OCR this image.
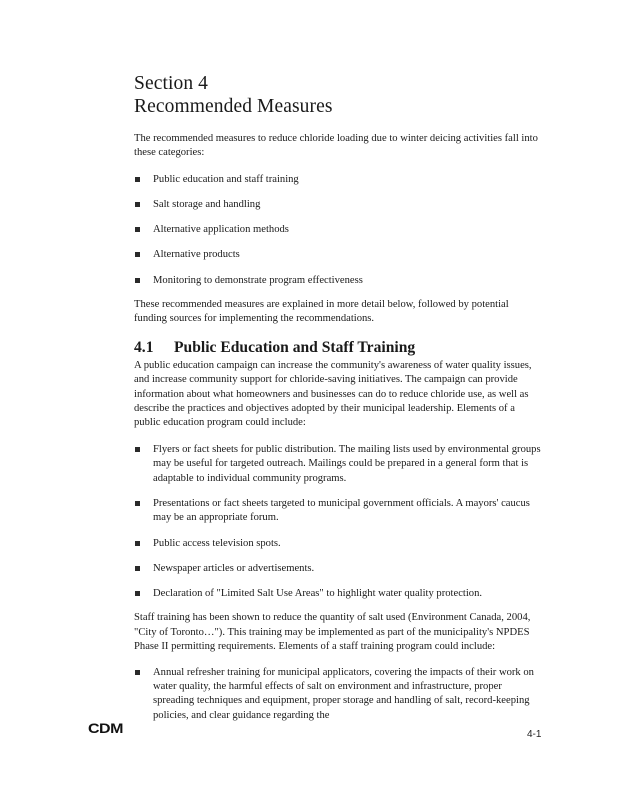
Section 4
Recommended Measures

The recommended measures to reduce chloride loading due to winter deicing activities fall into these categories:

Public education and staff training
Salt storage and handling
Alternative application methods
Alternative products
Monitoring to demonstrate program effectiveness

These recommended measures are explained in more detail below, followed by potential funding sources for implementing the recommendations.

4.1 Public Education and Staff Training

A public education campaign can increase the community's awareness of water quality issues, and increase community support for chloride-saving initiatives. The campaign can provide information about what homeowners and businesses can do to reduce chloride use, as well as describe the practices and objectives adopted by their municipal leadership. Elements of a public education program could include:

Flyers or fact sheets for public distribution. The mailing lists used by environmental groups may be useful for targeted outreach. Mailings could be prepared in a general form that is adaptable to individual community programs.
Presentations or fact sheets targeted to municipal government officials. A mayors' caucus may be an appropriate forum.
Public access television spots.
Newspaper articles or advertisements.
Declaration of "Limited Salt Use Areas" to highlight water quality protection.

Staff training has been shown to reduce the quantity of salt used (Environment Canada, 2004, "City of Toronto…"). This training may be implemented as part of the municipality's NPDES Phase II permitting requirements. Elements of a staff training program could include:

Annual refresher training for municipal applicators, covering the impacts of their work on water quality, the harmful effects of salt on environment and infrastructure, proper spreading techniques and equipment, proper storage and handling of salt, record-keeping policies, and clear guidance regarding the
CDM	4-1
